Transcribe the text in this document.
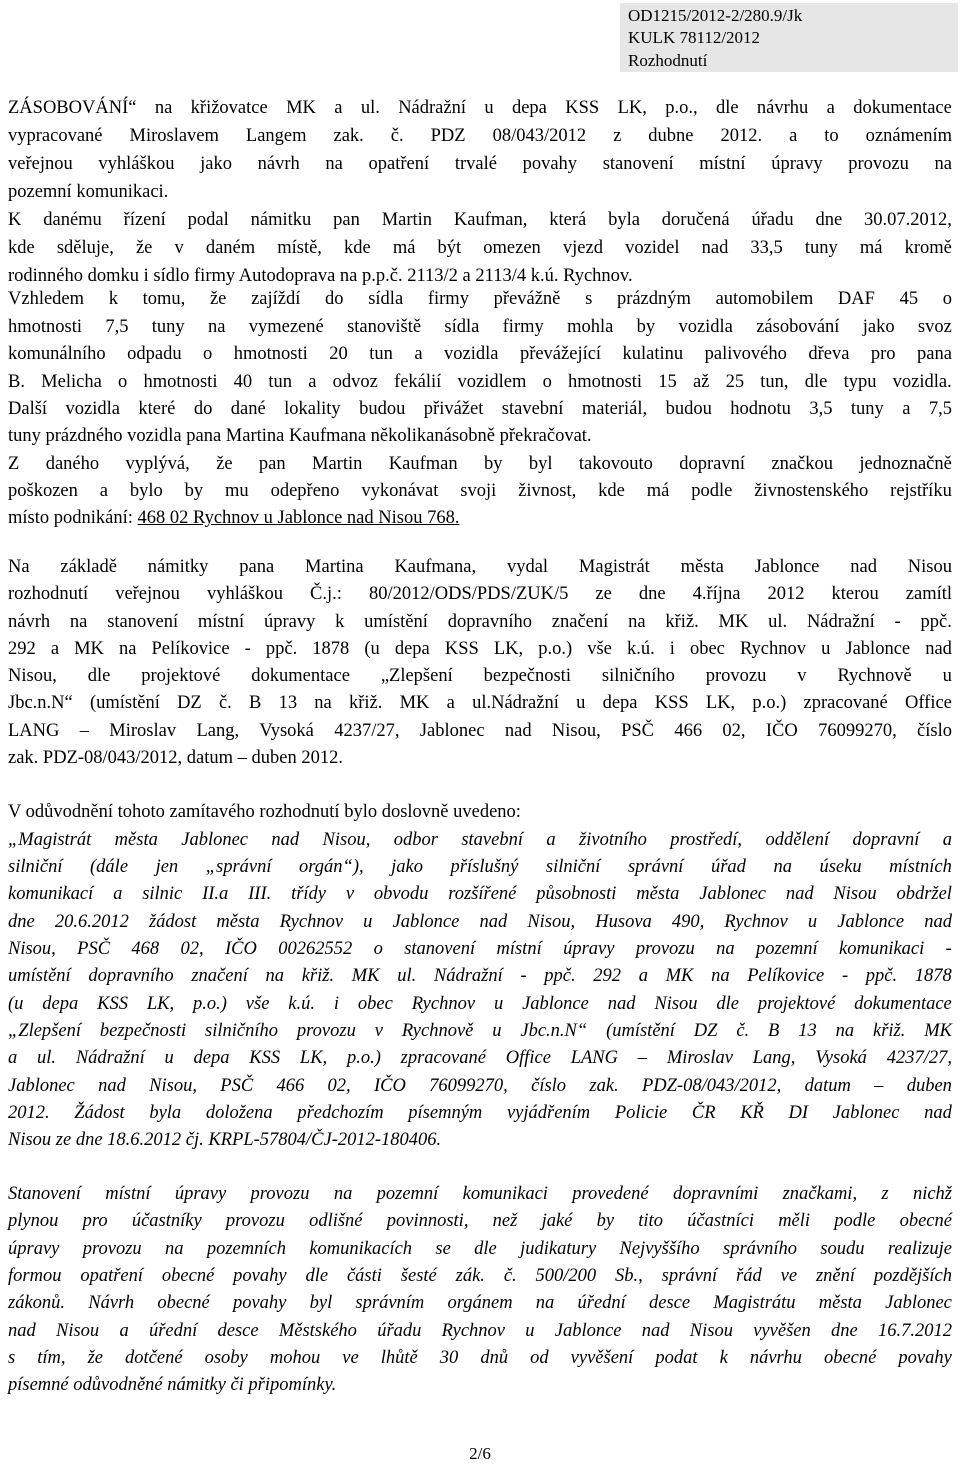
OD1215/2012-2/280.9/Jk
KULK 78112/2012
Rozhodnutí
ZÁSOBOVÁNÍ“ na křižovatce MK a ul. Nádražní u depa KSS LK, p.o., dle návrhu a dokumentace
vypracované Miroslavem Langem zak. č. PDZ 08/043/2012 z dubne 2012. a to oznámením
veřejnou vyhláškou jako návrh na opatření trvalé povahy stanovení místní úpravy provozu na
pozemní komunikaci.
K danému řízení podal námitku pan Martin Kaufman, která byla doručená úřadu dne 30.07.2012,
kde sděluje, že v daném místě, kde má být omezen vjezd vozidel nad 33,5 tuny má kromě
rodinného domku i sídlo firmy Autodoprava na p.p.č. 2113/2 a 2113/4 k.ú. Rychnov.
Vzhledem k tomu, že zajíždí do sídla firmy převážně s prázdným automobilem DAF 45 o
hmotnosti 7,5 tuny na vymezené stanoviště sídla firmy mohla by vozidla zásobování jako svoz
komunálního odpadu o hmotnosti 20 tun a vozidla převážející kulatinu palivového dřeva pro pana
B. Melicha o hmotnosti 40 tun a odvoz fekálií vozidlem o hmotnosti 15 až 25 tun, dle typu vozidla.
Další vozidla které do dané lokality budou přivážet stavební materiál, budou hodnotu 3,5 tuny a 7,5
tuny prázdného vozidla pana Martina Kaufmana několikanásobně překračovat.
Z daného vyplývá, že pan Martin Kaufman by byl takovouto dopravní značkou jednoznačně
poškozen a bylo by mu odepřeno vykonávat svoji živnost, kde má podle živnostenského rejstříku
místo podnikání: 468 02 Rychnov u Jablonce nad Nisou 768.
Na základě námitky pana Martina Kaufmana, vydal Magistrát města Jablonce nad Nisou
rozhodnutí veřejnou vyhláškou Č.j.: 80/2012/ODS/PDS/ZUK/5 ze dne 4.října 2012 kterou zamítl
návrh na stanovení místní úpravy k umístění dopravního značení na křiž. MK ul. Nádražní - ppč.
292 a MK na Pelíkovice - ppč. 1878 (u depa KSS LK, p.o.) vše k.ú. i obec Rychnov u Jablonce nad
Nisou, dle projektové dokumentace „Zlepšení bezpečnosti silničního provozu v Rychnově u
Jbc.n.N“ (umístění DZ č. B 13 na křiž. MK a ul.Nádražní u depa KSS LK, p.o.) zpracované Office
LANG – Miroslav Lang, Vysoká 4237/27, Jablonec nad Nisou, PSČ 466 02, IČO 76099270, číslo
zak. PDZ-08/043/2012, datum – duben 2012.
V odůvodnění tohoto zamítavého rozhodnutí bylo doslovně uvedeno:
„Magistrát města Jablonec nad Nisou, odbor stavební a životního prostředí, oddělení dopravní a
silniční (dále jen „správní orgán“), jako příslušný silniční správní úřad na úseku místních
komunikací a silnic II.a III. třídy v obvodu rozšířené působnosti města Jablonec nad Nisou obdržel
dne 20.6.2012 žádost města Rychnov u Jablonce nad Nisou, Husova 490, Rychnov u Jablonce nad
Nisou, PSČ 468 02, IČO 00262552 o stanovení místní úpravy provozu na pozemní komunikaci -
umístění dopravního značení na křiž. MK ul. Nádražní - ppč. 292 a MK na Pelíkovice - ppč. 1878
(u depa KSS LK, p.o.) vše k.ú. i obec Rychnov u Jablonce nad Nisou dle projektové dokumentace
„Zlepšení bezpečnosti silničního provozu v Rychnově u Jbc.n.N“ (umístění DZ č. B 13 na křiž. MK
a ul. Nádražní u depa KSS LK, p.o.) zpracované Office LANG – Miroslav Lang, Vysoká 4237/27,
Jablonec nad Nisou, PSČ 466 02, IČO 76099270, číslo zak. PDZ-08/043/2012, datum – duben
2012. Žádost byla doložena předchozím písemným vyjádřením Policie ČR KŘ DI Jablonec nad
Nisou ze dne 18.6.2012 čj. KRPL-57804/ČJ-2012-180406.
Stanovení místní úpravy provozu na pozemní komunikaci provedené dopravními značkami, z nichž
plynou pro účastníky provozu odlišné povinnosti, než jaké by tito účastníci měli podle obecné
úpravy provozu na pozemních komunikacích se dle judikatury Nejvyššího správního soudu realizuje
formou opatření obecné povahy dle části šesté zák. č. 500/200 Sb., správní řád ve znění pozdějších
zákonů. Návrh obecné povahy byl správním orgánem na úřední desce Magistrátu města Jablonec
nad Nisou a úřední desce Městského úřadu Rychnov u Jablonce nad Nisou vyvěšen dne 16.7.2012
s tím, že dotčené osoby mohou ve lhůtě 30 dnů od vyvěšení podat k návrhu obecné povahy
písemné odůvodněné námitky či připomínky.
2/6
